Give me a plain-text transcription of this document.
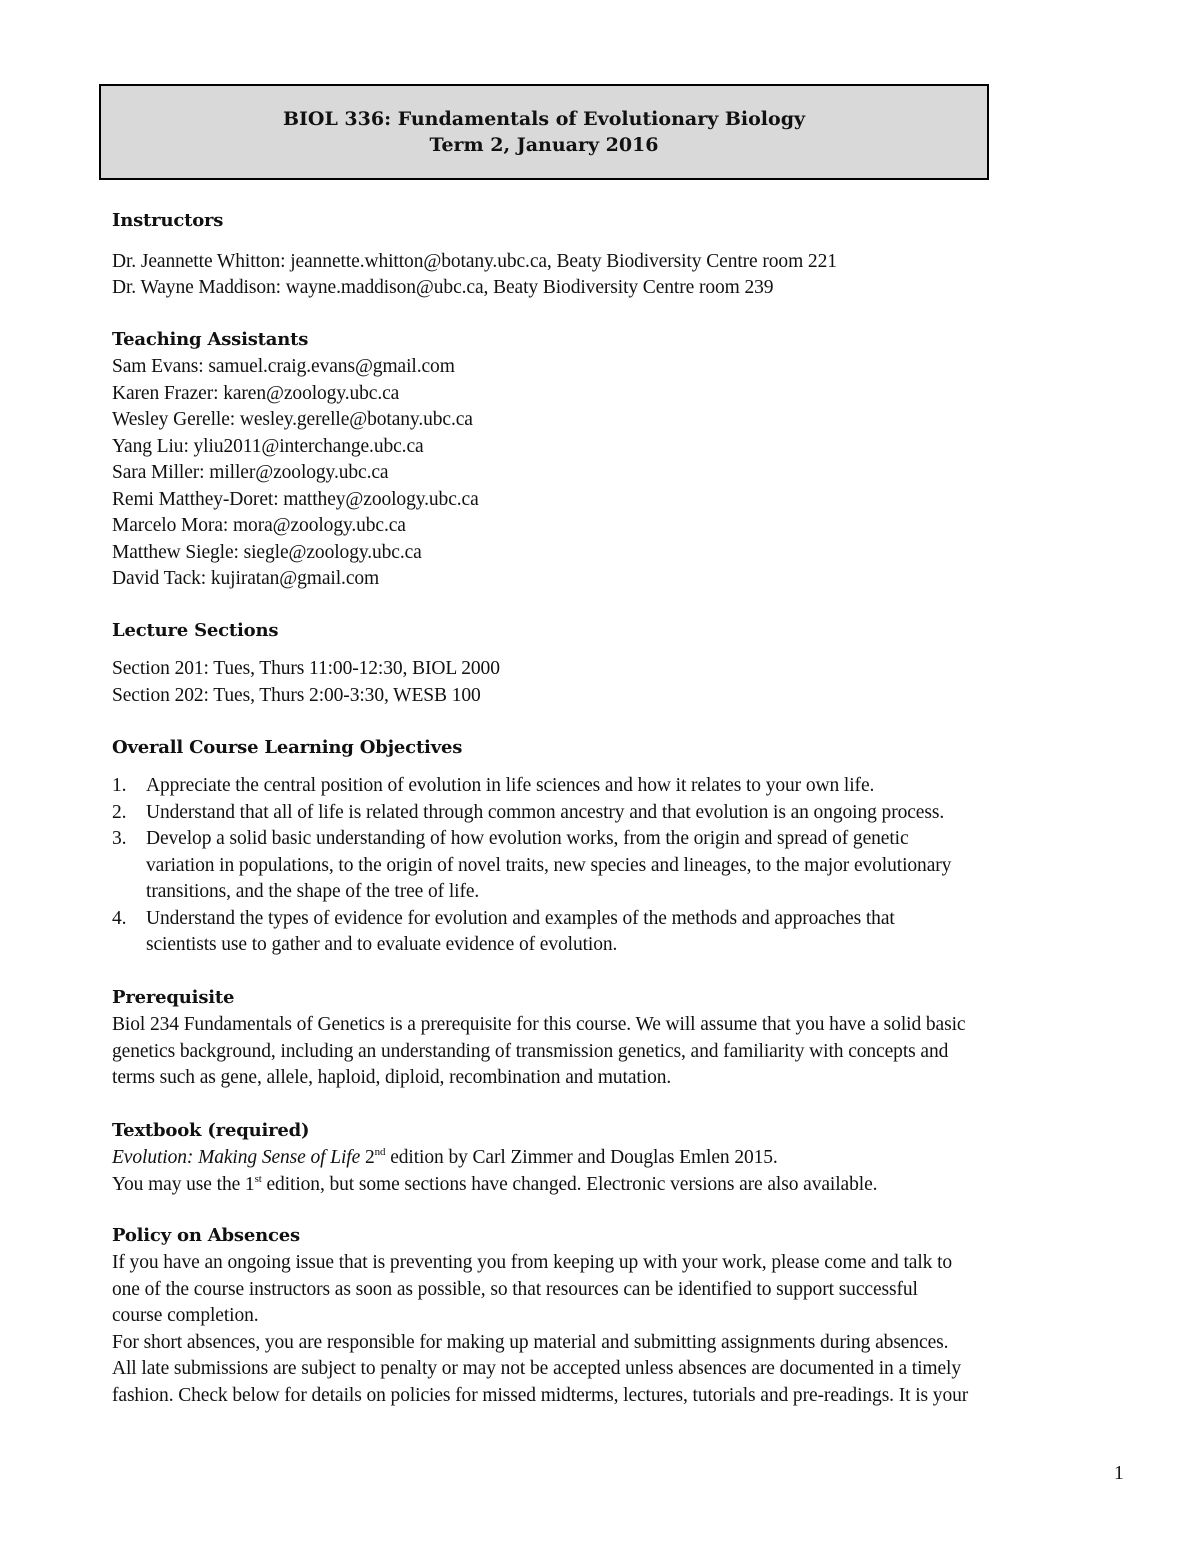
BIOL 336: Fundamentals of Evolutionary Biology
Term 2, January 2016
Instructors
Dr. Jeannette Whitton: jeannette.whitton@botany.ubc.ca, Beaty Biodiversity Centre room 221
Dr. Wayne Maddison: wayne.maddison@ubc.ca, Beaty Biodiversity Centre room 239
Teaching Assistants
Sam Evans: samuel.craig.evans@gmail.com
Karen Frazer: karen@zoology.ubc.ca
Wesley Gerelle: wesley.gerelle@botany.ubc.ca
Yang Liu: yliu2011@interchange.ubc.ca
Sara Miller: miller@zoology.ubc.ca
Remi Matthey-Doret: matthey@zoology.ubc.ca
Marcelo Mora: mora@zoology.ubc.ca
Matthew Siegle: siegle@zoology.ubc.ca
David Tack: kujiratan@gmail.com
Lecture Sections
Section 201: Tues, Thurs 11:00-12:30, BIOL 2000
Section 202: Tues, Thurs 2:00-3:30, WESB 100
Overall Course Learning Objectives
1. Appreciate the central position of evolution in life sciences and how it relates to your own life.
2. Understand that all of life is related through common ancestry and that evolution is an ongoing process.
3. Develop a solid basic understanding of how evolution works, from the origin and spread of genetic
variation in populations, to the origin of novel traits, new species and lineages, to the major evolutionary
transitions, and the shape of the tree of life.
4. Understand the types of evidence for evolution and examples of the methods and approaches that
scientists use to gather and to evaluate evidence of evolution.
Prerequisite
Biol 234 Fundamentals of Genetics is a prerequisite for this course. We will assume that you have a solid basic
genetics background, including an understanding of transmission genetics, and familiarity with concepts and
terms such as gene, allele, haploid, diploid, recombination and mutation.
Textbook (required)
Evolution: Making Sense of Life 2nd edition by Carl Zimmer and Douglas Emlen 2015.
You may use the 1st edition, but some sections have changed. Electronic versions are also available.
Policy on Absences
If you have an ongoing issue that is preventing you from keeping up with your work, please come and talk to
one of the course instructors as soon as possible, so that resources can be identified to support successful
course completion.
For short absences, you are responsible for making up material and submitting assignments during absences.
All late submissions are subject to penalty or may not be accepted unless absences are documented in a timely
fashion. Check below for details on policies for missed midterms, lectures, tutorials and pre-readings. It is your
1
